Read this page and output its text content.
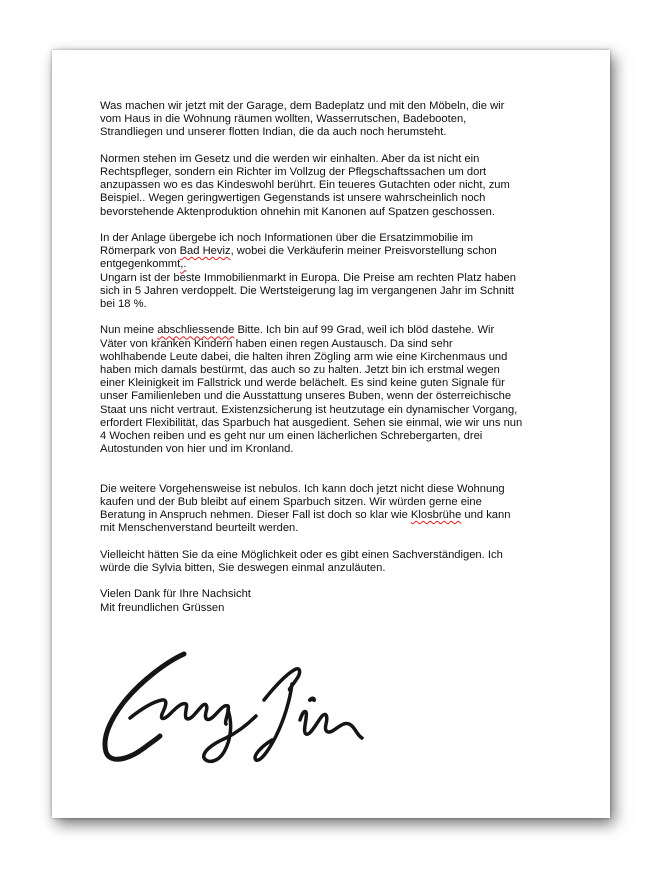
Was machen wir jetzt mit der Garage, dem Badeplatz und mit den Möbeln, die wir
vom Haus in die Wohnung räumen wollten, Wasserrutschen, Badebooten,
Strandliegen und unserer flotten Indian, die da auch noch herumsteht.

Normen stehen im Gesetz und die werden wir einhalten. Aber da ist nicht ein
Rechtspfleger, sondern ein Richter im Vollzug der Pflegschaftssachen um dort
anzupassen wo es das Kindeswohl berührt. Ein teueres Gutachten oder nicht, zum
Beispiel.. Wegen geringwertigen Gegenstands ist unsere wahrscheinlich noch
bevorstehende Aktenproduktion ohnehin mit Kanonen auf Spatzen geschossen.

In der Anlage übergebe ich noch Informationen über die Ersatzimmobilie im
Römerpark von Bad Heviz, wobei die Verkäuferin meiner Preisvorstellung schon
entgegenkommt,.
Ungarn ist der beste Immobilienmarkt in Europa. Die Preise am rechten Platz haben
sich in 5 Jahren verdoppelt. Die Wertsteigerung lag im vergangenen Jahr im Schnitt
bei 18 %.

Nun meine abschliessende Bitte. Ich bin auf 99 Grad, weil ich blöd dastehe. Wir
Väter von kranken Kindern haben einen regen Austausch. Da sind sehr
wohlhabende Leute dabei, die halten ihren Zögling arm wie eine Kirchenmaus und
haben mich damals bestürmt, das auch so zu halten. Jetzt bin ich erstmal wegen
einer Kleinigkeit im Fallstrick und werde belächelt. Es sind keine guten Signale für
unser Familienleben und die Ausstattung unseres Buben, wenn der österreichische
Staat uns nicht vertraut. Existenzsicherung ist heutzutage ein dynamischer Vorgang,
erfordert Flexibilität, das Sparbuch hat ausgedient. Sehen sie einmal, wie wir uns nun
4 Wochen reiben und es geht nur um einen lächerlichen Schrebergarten, drei
Autostunden von hier und im Kronland.

Die weitere Vorgehensweise ist nebulos. Ich kann doch jetzt nicht diese Wohnung
kaufen und der Bub bleibt auf einem Sparbuch sitzen. Wir würden gerne eine
Beratung in Anspruch nehmen. Dieser Fall ist doch so klar wie Klosbrühe und kann
mit Menschenverstand beurteilt werden.

Vielleicht hätten Sie da eine Möglichkeit oder es gibt einen Sachverständigen. Ich
würde die Sylvia bitten, Sie deswegen einmal anzuläuten.

Vielen Dank für Ihre Nachsicht

Mit freundlichen Grüssen
